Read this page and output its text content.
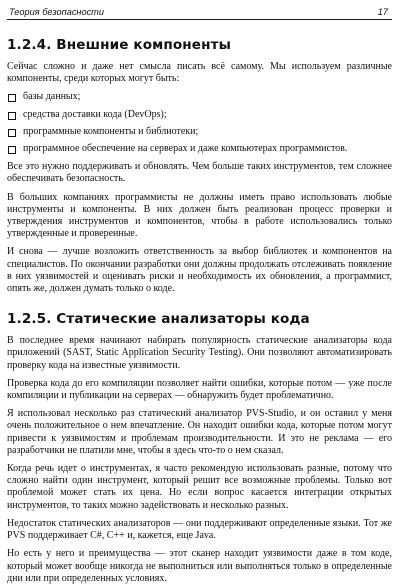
Теория безопасности	17
1.2.4. Внешние компоненты

Сейчас сложно и даже нет смысла писать всё самому. Мы используем различные компоненты, среди которых могут быть:

базы данных;
средства доставки кода (DevOps);
программные компоненты и библиотеки;
программное обеспечение на серверах и даже компьютерах программистов.

Все это нужно поддерживать и обновлять. Чем больше таких инструментов, тем сложнее обеспечивать безопасность.

В больших компаниях программисты не должны иметь право использовать любые инструменты и компоненты. В них должен быть реализован процесс проверки и утверждения инструментов и компонентов, чтобы в работе использовались только утвержденные и проверенные.

И снова — лучше возложить ответственность за выбор библиотек и компонентов на специалистов. По окончании разработки они должны продолжать отслеживать появление в них уязвимостей и оценивать риски и необходимость их обновления, а программист, опять же, должен думать только о коде.

1.2.5. Статические анализаторы кода

В последнее время начинают набирать популярность статические анализаторы кода приложений (SAST, Static Application Security Testing). Они позволяют автоматизировать проверку кода на известные уязвимости.

Проверка кода до его компиляции позволяет найти ошибки, которые потом — уже после компиляции и публикации на серверах — обнаружить будет проблематично.

Я использовал несколько раз статический анализатор PVS-Studio, и он оставил у меня очень положительное о нем впечатление. Он находит ошибки кода, которые потом могут привести к уязвимостям и проблемам производительности. И это не реклама — его разработчики не платили мне, чтобы я здесь что-то о нем сказал.

Когда речь идет о инструментах, я часто рекомендую использовать разные, потому что сложно найти один инструмент, который решит все возможные проблемы. Только вот проблемой может стать их цена. Но если вопрос касается интеграции открытых инструментов, то таких можно задействовать и несколько разных.

Недостаток статических анализаторов — они поддерживают определенные языки. Тот же PVS поддерживает C#, C++ и, кажется, еще Java.

Но есть у него и преимущества — этот сканер находит уязвимости даже в том коде, который может вообще никогда не выполниться или выполняться только в определенные дни или при определенных условиях.
